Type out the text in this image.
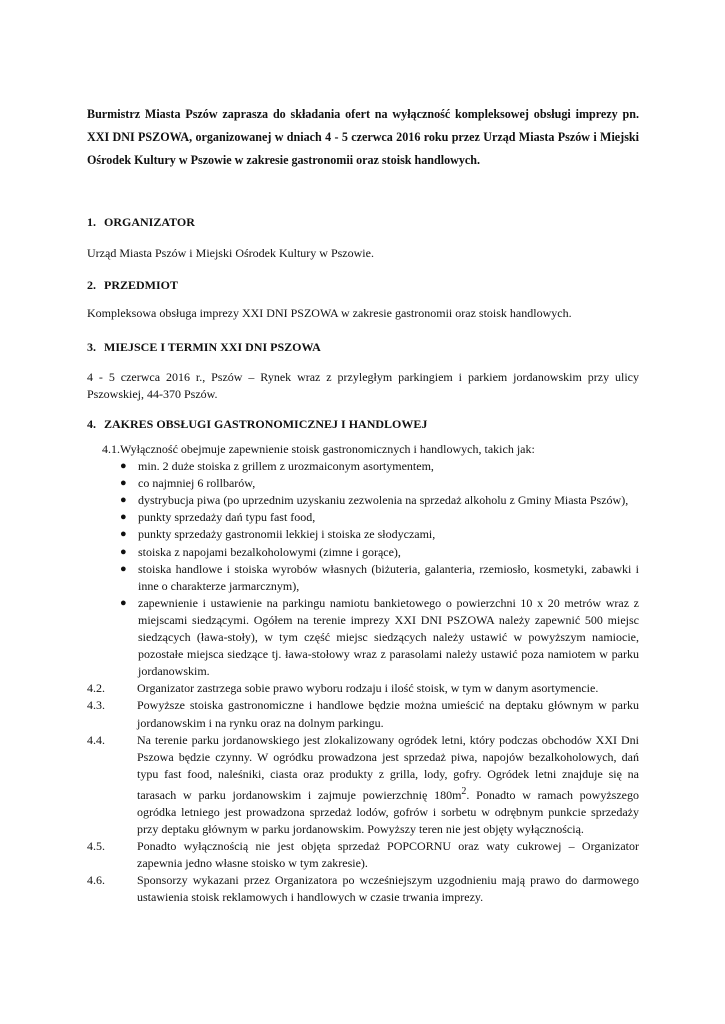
Burmistrz Miasta Pszów zaprasza do składania ofert na wyłączność kompleksowej obsługi imprezy pn. XXI DNI PSZOWA, organizowanej w dniach 4 - 5 czerwca 2016 roku przez Urząd Miasta Pszów i Miejski Ośrodek Kultury w Pszowie w zakresie gastronomii oraz stoisk handlowych.

1. ORGANIZATOR

Urząd Miasta Pszów i Miejski Ośrodek Kultury w Pszowie.

2. PRZEDMIOT

Kompleksowa obsługa imprezy XXI DNI PSZOWA w zakresie gastronomii oraz stoisk handlowych.

3. MIEJSCE I TERMIN XXI DNI PSZOWA

4 - 5 czerwca 2016 r., Pszów – Rynek wraz z przyległym parkingiem i parkiem jordanowskim przy ulicy Pszowskiej, 44-370 Pszów.

4. ZAKRES OBSŁUGI GASTRONOMICZNEJ I HANDLOWEJ

4.1. Wyłączność obejmuje zapewnienie stoisk gastronomicznych i handlowych, takich jak:
● min. 2 duże stoiska z grillem z urozmaiconym asortymentem,
● co najmniej 6 rollbarów,
● dystrybucja piwa (po uprzednim uzyskaniu zezwolenia na sprzedaż alkoholu z Gminy Miasta Pszów),
● punkty sprzedaży dań typu fast food,
● punkty sprzedaży gastronomii lekkiej i stoiska ze słodyczami,
● stoiska z napojami bezalkoholowymi (zimne i gorące),
● stoiska handlowe i stoiska wyrobów własnych (biżuteria, galanteria, rzemiosło, kosmetyki, zabawki i inne o charakterze jarmarcznym),
● zapewnienie i ustawienie na parkingu namiotu bankietowego o powierzchni 10 x 20 metrów wraz z miejscami siedzącymi. Ogółem na terenie imprezy XXI DNI PSZOWA należy zapewnić 500 miejsc siedzących (ława-stoły), w tym część miejsc siedzących należy ustawić w powyższym namiocie, pozostałe miejsca siedzące tj. ława-stołowy wraz z parasolami należy ustawić poza namiotem w parku jordanowskim.
4.2.	Organizator zastrzega sobie prawo wyboru rodzaju i ilość stoisk, w tym w danym asortymencie.
4.3.	Powyższe stoiska gastronomiczne i handlowe będzie można umieścić na deptaku głównym w parku jordanowskim i na rynku oraz na dolnym parkingu.
4.4.	Na terenie parku jordanowskiego jest zlokalizowany ogródek letni, który podczas obchodów XXI Dni Pszowa będzie czynny. W ogródku prowadzona jest sprzedaż piwa, napojów bezalkoholowych, dań typu fast food, naleśniki, ciasta oraz produkty z grilla, lody, gofry. Ogródek letni znajduje się na tarasach w parku jordanowskim i zajmuje powierzchnię $180m^2$. Ponadto w ramach powyższego ogródka letniego jest prowadzona sprzedaż lodów, gofrów i sorbetu w odrębnym punkcie sprzedaży przy deptaku głównym w parku jordanowskim. Powyższy teren nie jest objęty wyłącznością.
4.5.	Ponadto wyłącznością nie jest objęta sprzedaż POPCORNU oraz waty cukrowej – Organizator zapewnia jedno własne stoisko w tym zakresie).
4.6.	Sponsorzy wykazani przez Organizatora po wcześniejszym uzgodnieniu mają prawo do darmowego ustawienia stoisk reklamowych i handlowych w czasie trwania imprezy.
